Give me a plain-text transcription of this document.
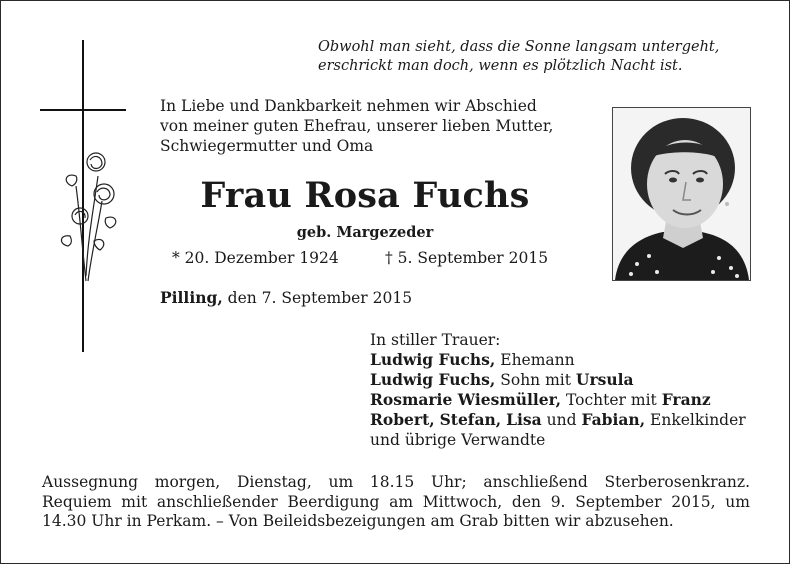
Obwohl man sieht, dass die Sonne langsam untergeht,
erschrickt man doch, wenn es plötzlich Nacht ist.
In Liebe und Dankbarkeit nehmen wir Abschied
von meiner guten Ehefrau, unserer lieben Mutter,
Schwiegermutter und Oma
Frau Rosa Fuchs
geb. Margezeder
* 20. Dezember 1924	† 5. September 2015
Pilling, den 7. September 2015
In stiller Trauer:
Ludwig Fuchs, Ehemann
Ludwig Fuchs, Sohn mit Ursula
Rosmarie Wiesmüller, Tochter mit Franz
Robert, Stefan, Lisa und Fabian, Enkelkinder
und übrige Verwandte
Aussegnung morgen, Dienstag, um 18.15 Uhr; anschließend Sterberosenkranz.
Requiem mit anschließender Beerdigung am Mittwoch, den 9. September 2015, um
14.30 Uhr in Perkam. – Von Beileidsbezeigungen am Grab bitten wir abzusehen.
